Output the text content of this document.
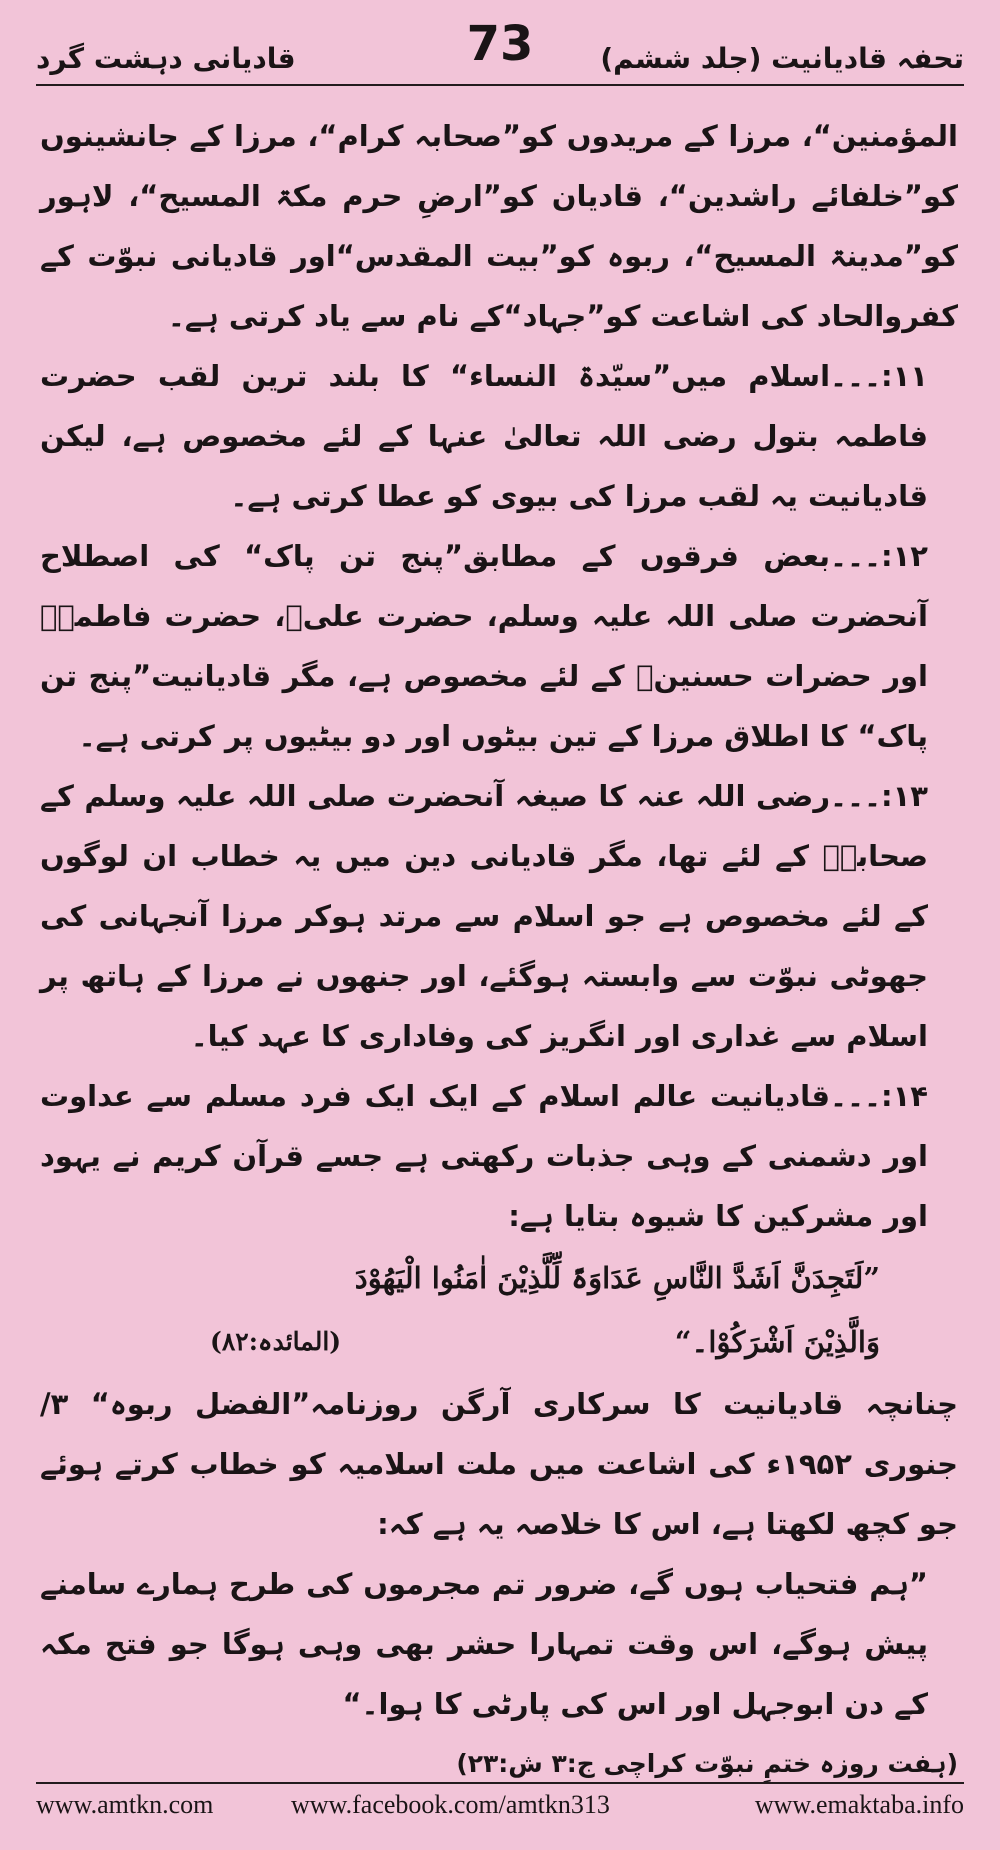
تحفہ قادیانیت (جلد ششم)
73
قادیانی دہشت گرد

المؤمنین“، مرزا کے مریدوں کو”صحابہ کرام“، مرزا کے جانشینوں کو”خلفائے راشدین“، قادیان کو”ارضِ حرم مکۃ المسیح“، لاہور کو”مدینۃ المسیح“، ربوہ کو”بیت المقدس“اور قادیانی نبوّت کے کفروالحاد کی اشاعت کو”جہاد“کے نام سے یاد کرتی ہے۔

۱۱:۔۔۔اسلام میں”سیّدۃ النساء“ کا بلند ترین لقب حضرت فاطمہ بتول رضی اللہ تعالیٰ عنہا کے لئے مخصوص ہے، لیکن قادیانیت یہ لقب مرزا کی بیوی کو عطا کرتی ہے۔

۱۲:۔۔۔بعض فرقوں کے مطابق”پنج تن پاک“ کی اصطلاح آنحضرت صلی اللہ علیہ وسلم، حضرت علیؓ، حضرت فاطمہؓ اور حضرات حسنینؓ کے لئے مخصوص ہے، مگر قادیانیت”پنج تن پاک“ کا اطلاق مرزا کے تین بیٹوں اور دو بیٹیوں پر کرتی ہے۔

۱۳:۔۔۔رضی اللہ عنہ کا صیغہ آنحضرت صلی اللہ علیہ وسلم کے صحابہؓ کے لئے تھا، مگر قادیانی دین میں یہ خطاب ان لوگوں کے لئے مخصوص ہے جو اسلام سے مرتد ہوکر مرزا آنجہانی کی جھوٹی نبوّت سے وابستہ ہوگئے، اور جنھوں نے مرزا کے ہاتھ پر اسلام سے غداری اور انگریز کی وفاداری کا عہد کیا۔

۱۴:۔۔۔قادیانیت عالم اسلام کے ایک ایک فرد مسلم سے عداوت اور دشمنی کے وہی جذبات رکھتی ہے جسے قرآن کریم نے یہود اور مشرکین کا شیوہ بتایا ہے:

”لَتَجِدَنَّ اَشَدَّ النَّاسِ عَدَاوَۃً لِّلَّذِیْنَ اٰمَنُوا الْیَھُوْدَ
وَالَّذِیْنَ اَشْرَکُوْا۔“
(المائدہ:۸۲)

چنانچہ قادیانیت کا سرکاری آرگن روزنامہ”الفضل ربوہ“ ۳/جنوری ۱۹۵۲ء کی اشاعت میں ملت اسلامیہ کو خطاب کرتے ہوئے جو کچھ لکھتا ہے، اس کا خلاصہ یہ ہے کہ:

”ہم فتحیاب ہوں گے، ضرور تم مجرموں کی طرح ہمارے سامنے پیش ہوگے، اس وقت تمہارا حشر بھی وہی ہوگا جو فتح مکہ کے دن ابوجہل اور اس کی پارٹی کا ہوا۔“

(ہفت روزہ ختمِ نبوّت کراچی ج:۳ ش:۲۳)

www.amtkn.com	www.facebook.com/amtkn313	www.emaktaba.info
